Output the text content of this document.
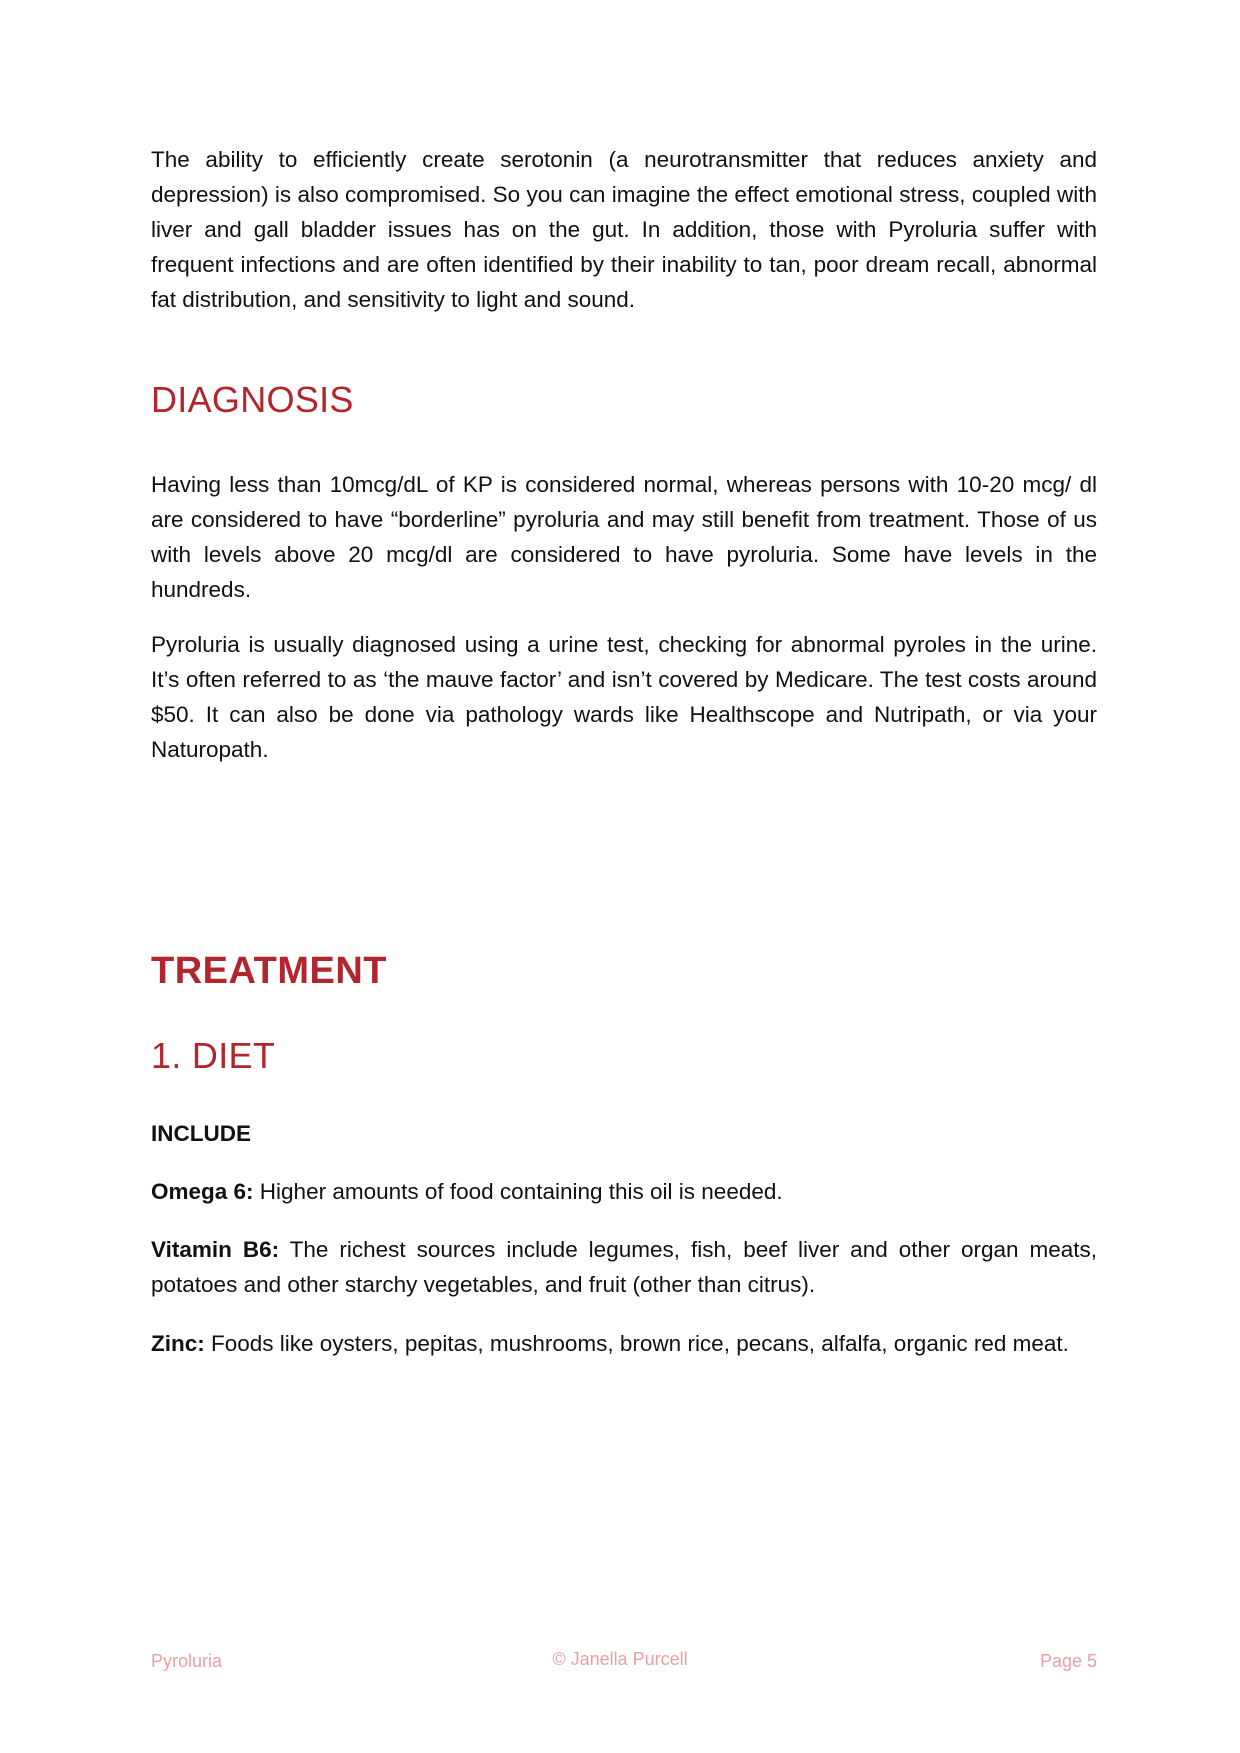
The ability to efficiently create serotonin (a neurotransmitter that reduces anxiety and depression) is also compromised. So you can imagine the effect emotional stress, coupled with liver and gall bladder issues has on the gut. In addition, those with Pyroluria suffer with frequent infections and are often identified by their inability to tan, poor dream recall, abnormal fat distribution, and sensitivity to light and sound.

DIAGNOSIS

Having less than 10mcg/dL of KP is considered normal, whereas persons with 10-20 mcg/ dl are considered to have “borderline” pyroluria and may still benefit from treatment. Those of us with levels above 20 mcg/dl are considered to have pyroluria. Some have levels in the hundreds.

Pyroluria is usually diagnosed using a urine test, checking for abnormal pyroles in the urine. It’s often referred to as ‘the mauve factor’ and isn’t covered by Medicare. The test costs around $50. It can also be done via pathology wards like Healthscope and Nutripath, or via your Naturopath.

TREATMENT
1. DIET
INCLUDE

Omega 6: Higher amounts of food containing this oil is needed.

Vitamin B6: The richest sources include legumes, fish, beef liver and other organ meats, potatoes and other starchy vegetables, and fruit (other than citrus).

Zinc: Foods like oysters, pepitas, mushrooms, brown rice, pecans, alfalfa, organic red meat.

Pyroluria	© Janella Purcell	Page 5
